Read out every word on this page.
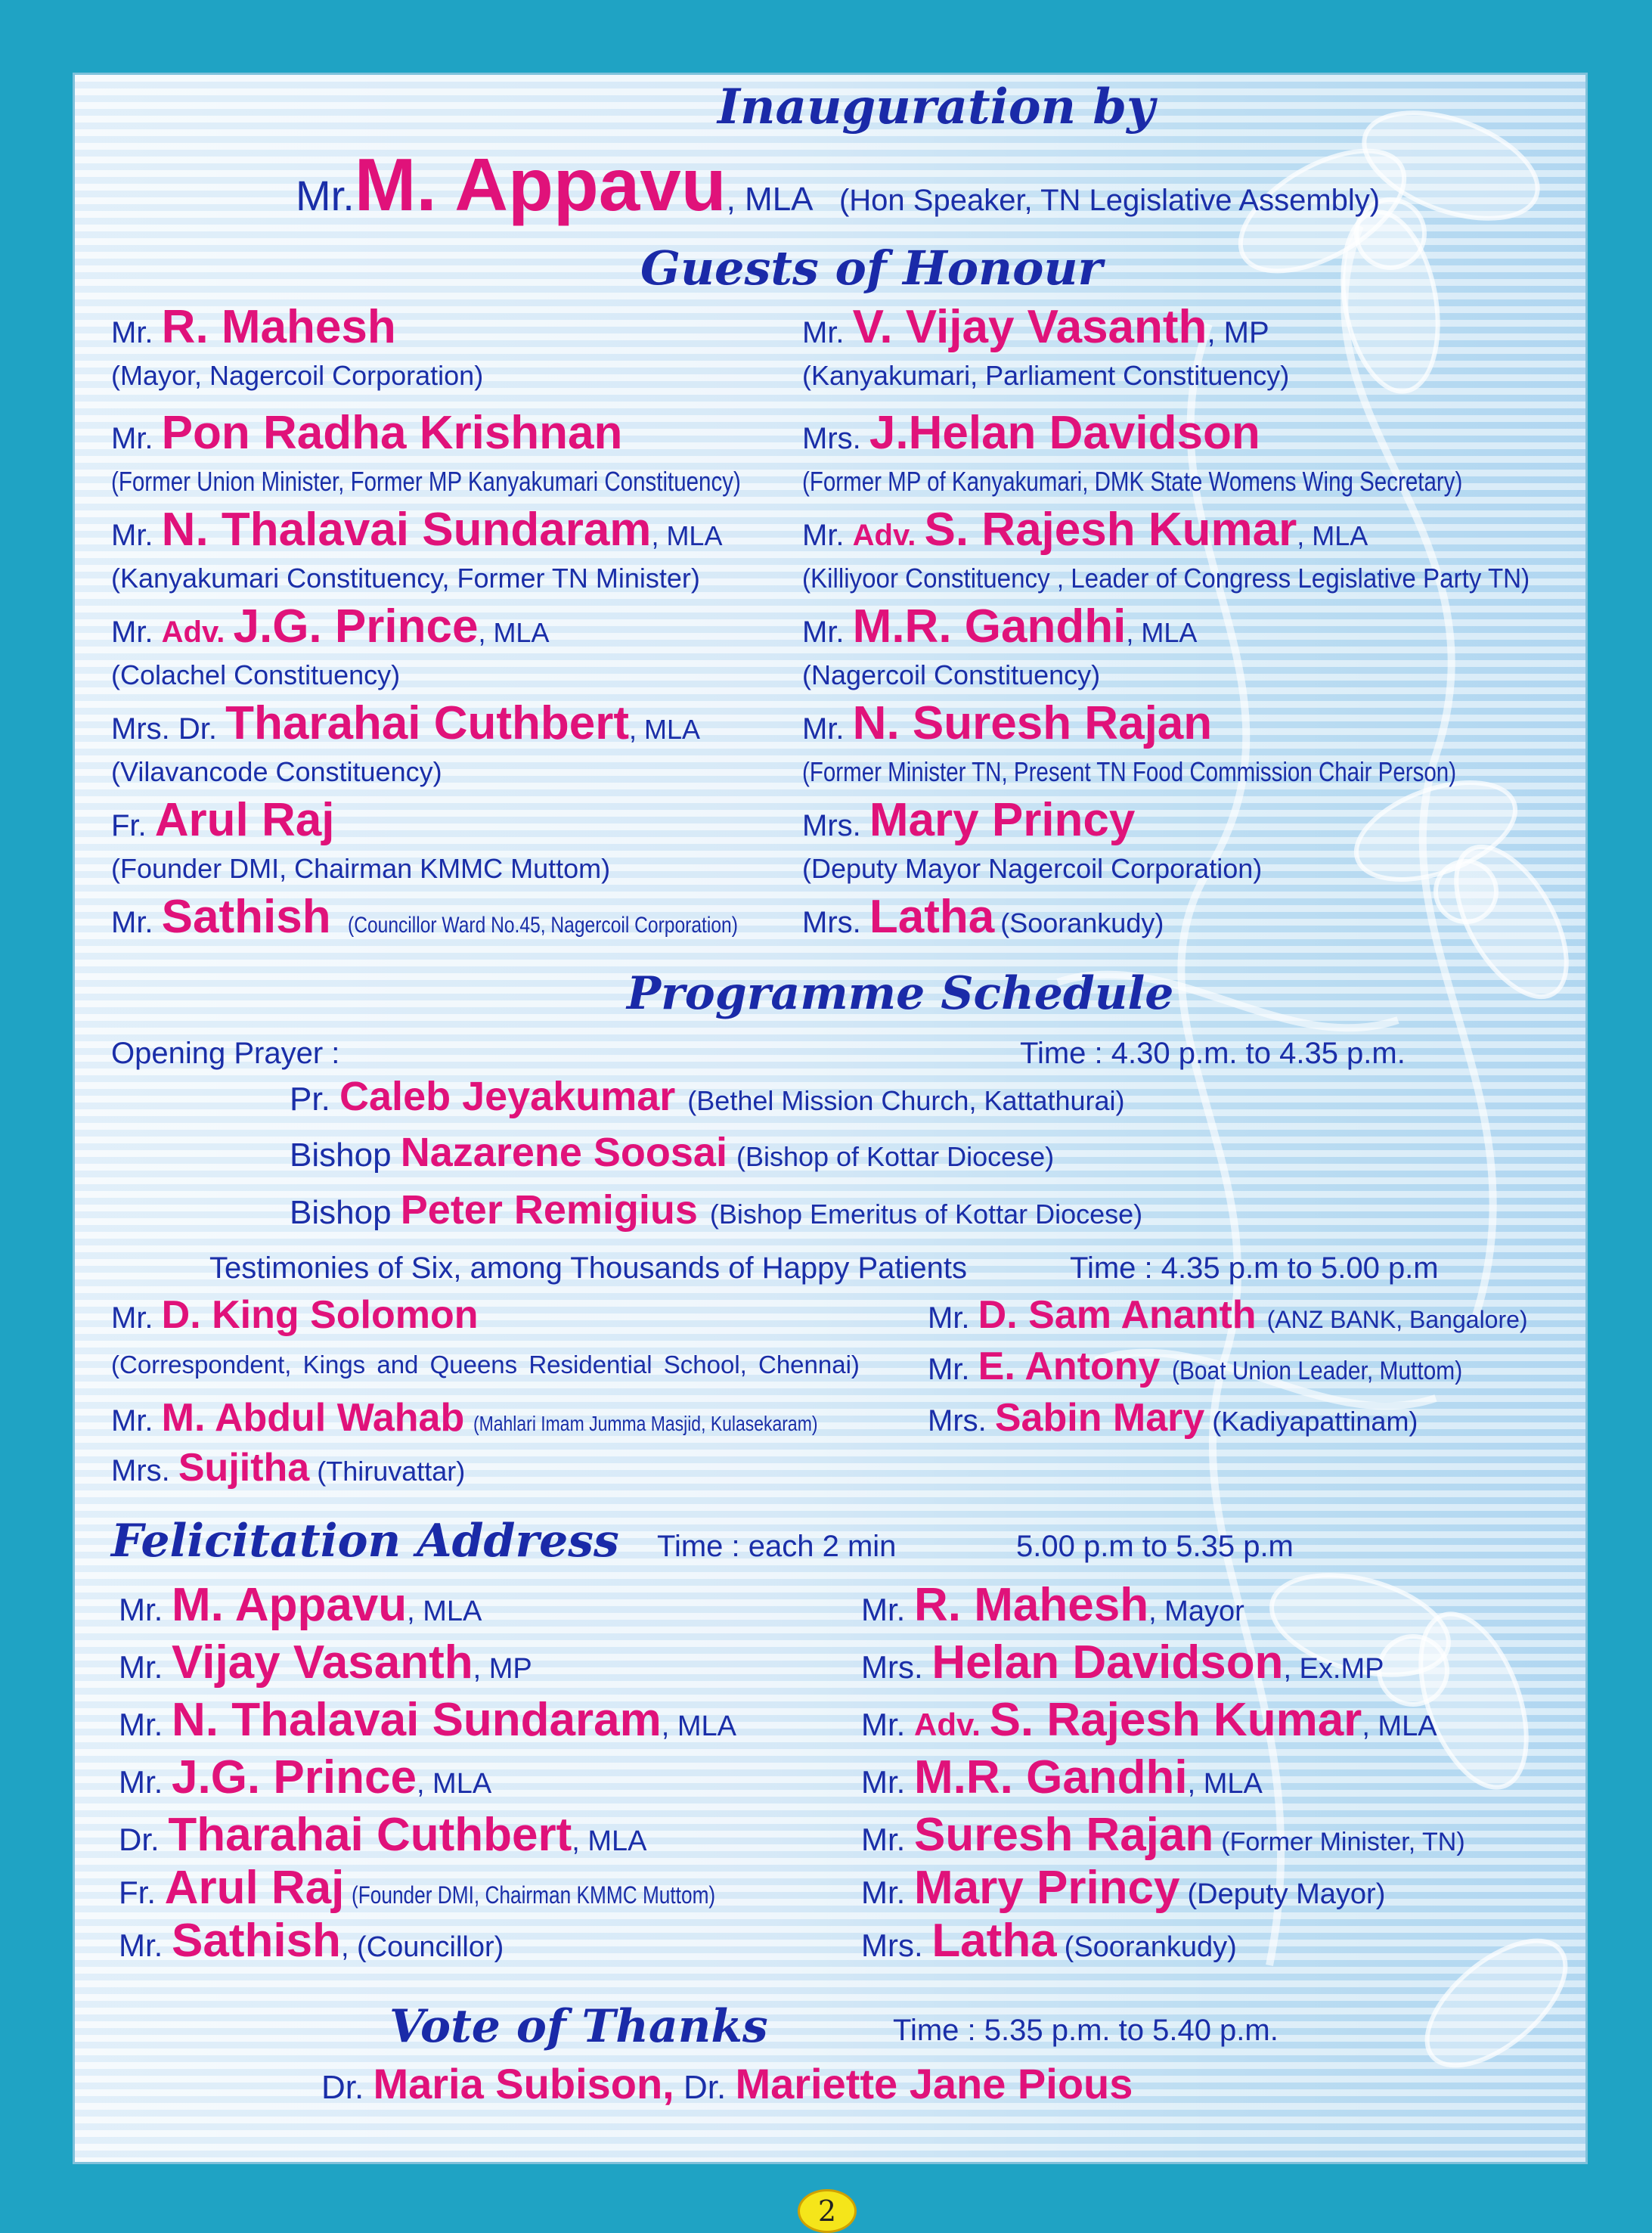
Inauguration by
Mr.M. Appavu, MLA (Hon Speaker, TN Legislative Assembly)
Guests of Honour
Mr. R. Mahesh
(Mayor, Nagercoil Corporation)
Mr. Pon Radha Krishnan
(Former Union Minister, Former MP Kanyakumari Constituency)
Mr. N. Thalavai Sundaram, MLA
(Kanyakumari Constituency, Former TN Minister)
Mr. Adv. J.G. Prince, MLA
(Colachel Constituency)
Mrs. Dr. Tharahai Cuthbert, MLA
(Vilavancode Constituency)
Fr. Arul Raj
(Founder DMI, Chairman KMMC Muttom)
Mr. Sathish (Councillor Ward No.45, Nagercoil Corporation)
Mr. V. Vijay Vasanth, MP
(Kanyakumari, Parliament Constituency)
Mrs. J.Helan Davidson
(Former MP of Kanyakumari, DMK State Womens Wing Secretary)
Mr. Adv. S. Rajesh Kumar, MLA
(Killiyoor Constituency , Leader of Congress Legislative Party TN)
Mr. M.R. Gandhi, MLA
(Nagercoil Constituency)
Mr. N. Suresh Rajan
(Former Minister TN, Present TN Food Commission Chair Person)
Mrs. Mary Princy
(Deputy Mayor Nagercoil Corporation)
Mrs. Latha (Soorankudy)
Programme Schedule
Opening Prayer :	Time : 4.30 p.m. to 4.35 p.m.
Pr. Caleb Jeyakumar (Bethel Mission Church, Kattathurai)
Bishop Nazarene Soosai (Bishop of Kottar Diocese)
Bishop Peter Remigius (Bishop Emeritus of Kottar Diocese)
Testimonies of Six, among Thousands of Happy Patients	Time : 4.35 p.m to 5.00 p.m
Mr. D. King Solomon
(Correspondent, Kings and Queens Residential School, Chennai)
Mr. M. Abdul Wahab (Mahlari Imam Jumma Masjid, Kulasekaram)
Mrs. Sujitha (Thiruvattar)
Mr. D. Sam Ananth (ANZ BANK, Bangalore)
Mr. E. Antony (Boat Union Leader, Muttom)
Mrs. Sabin Mary (Kadiyapattinam)
Felicitation Address Time : each 2 min	5.00 p.m to 5.35 p.m
Mr. M. Appavu, MLA
Mr. Vijay Vasanth, MP
Mr. N. Thalavai Sundaram, MLA
Mr. J.G. Prince, MLA
Dr. Tharahai Cuthbert, MLA
Fr. Arul Raj (Founder DMI, Chairman KMMC Muttom)
Mr. Sathish, (Councillor)
Mr. R. Mahesh, Mayor
Mrs. Helan Davidson, Ex.MP
Mr. Adv. S. Rajesh Kumar, MLA
Mr. M.R. Gandhi, MLA
Mr. Suresh Rajan (Former Minister, TN)
Mr. Mary Princy (Deputy Mayor)
Mrs. Latha (Soorankudy)
Vote of Thanks	Time : 5.35 p.m. to 5.40 p.m.
Dr. Maria Subison, Dr. Mariette Jane Pious
2
